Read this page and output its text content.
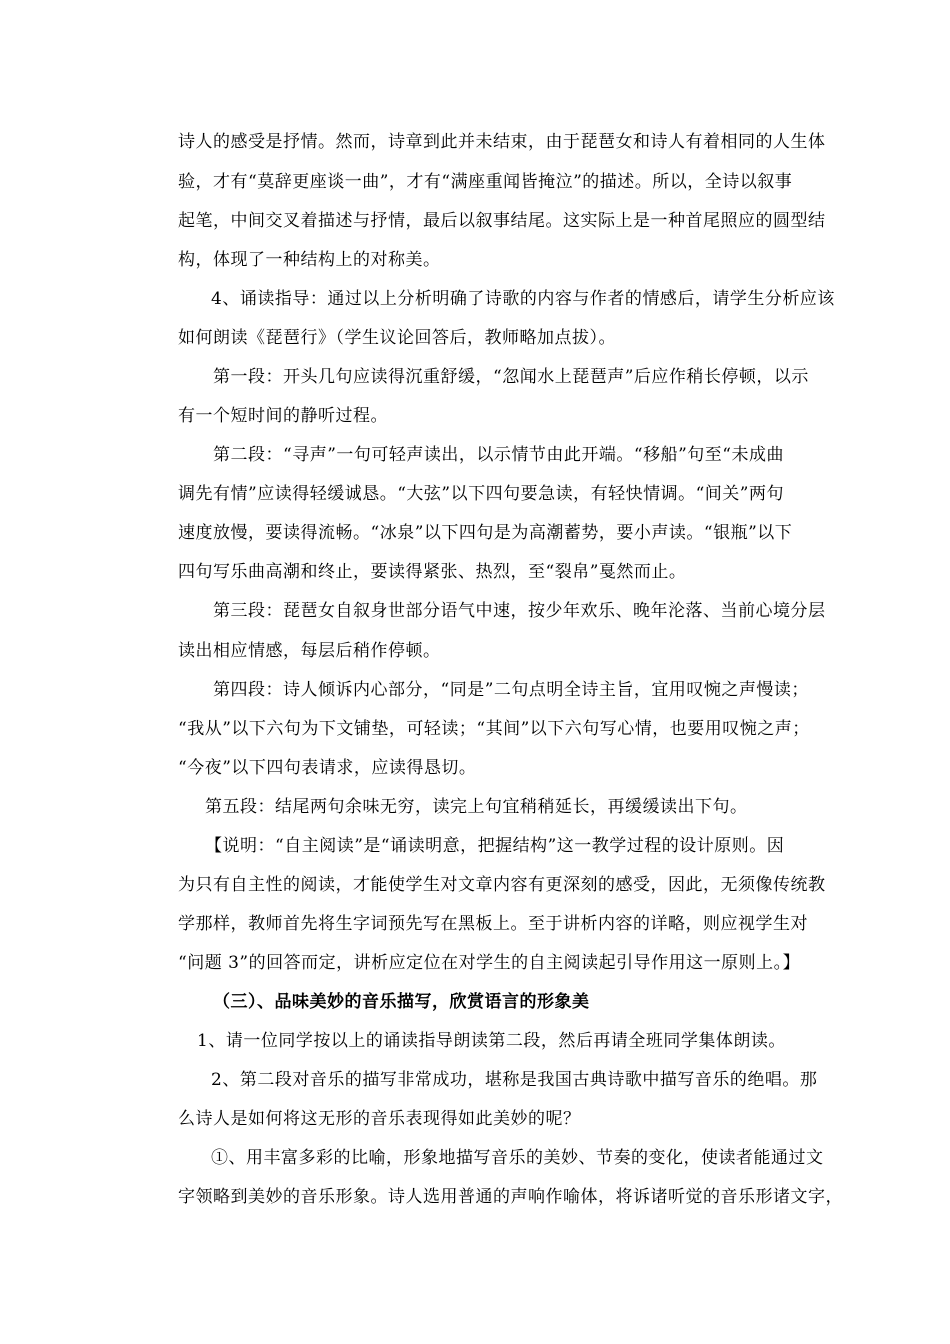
诗人的感受是抒情。然而，诗章到此并未结束，由于琵琶女和诗人有着相同的人生体
验，才有“莫辞更座谈一曲”，才有“满座重闻皆掩泣”的描述。所以，全诗以叙事
起笔，中间交叉着描述与抒情，最后以叙事结尾。这实际上是一种首尾照应的圆型结
构，体现了一种结构上的对称美。
4、诵读指导：通过以上分析明确了诗歌的内容与作者的情感后，请学生分析应该
如何朗读《琵琶行》（学生议论回答后，教师略加点拔）。
第一段：开头几句应读得沉重舒缓，“忽闻水上琵琶声”后应作稍长停顿，以示
有一个短时间的静听过程。
第二段：“寻声”一句可轻声读出，以示情节由此开端。“移船”句至“未成曲
调先有情”应读得轻缓诚恳。“大弦”以下四句要急读，有轻快情调。“间关”两句
速度放慢，要读得流畅。“冰泉”以下四句是为高潮蓄势，要小声读。“银瓶”以下
四句写乐曲高潮和终止，要读得紧张、热烈，至“裂帛”戛然而止。
第三段：琵琶女自叙身世部分语气中速，按少年欢乐、晚年沦落、当前心境分层
读出相应情感，每层后稍作停顿。
第四段：诗人倾诉内心部分，“同是”二句点明全诗主旨，宜用叹惋之声慢读；
“我从”以下六句为下文铺垫，可轻读；“其间”以下六句写心情，也要用叹惋之声；
“今夜”以下四句表请求，应读得恳切。
第五段：结尾两句余味无穷，读完上句宜稍稍延长，再缓缓读出下句。
【说明：“自主阅读”是“诵读明意，把握结构”这一教学过程的设计原则。因
为只有自主性的阅读，才能使学生对文章内容有更深刻的感受，因此，无须像传统教
学那样，教师首先将生字词预先写在黑板上。至于讲析内容的详略，则应视学生对
“问题 3”的回答而定，讲析应定位在对学生的自主阅读起引导作用这一原则上。】
（三）、品味美妙的音乐描写，欣赏语言的形象美
1、请一位同学按以上的诵读指导朗读第二段，然后再请全班同学集体朗读。
2、第二段对音乐的描写非常成功，堪称是我国古典诗歌中描写音乐的绝唱。那
么诗人是如何将这无形的音乐表现得如此美妙的呢？
①、用丰富多彩的比喻，形象地描写音乐的美妙、节奏的变化，使读者能通过文
字领略到美妙的音乐形象。诗人选用普通的声响作喻体，将诉诸听觉的音乐形诸文字，
